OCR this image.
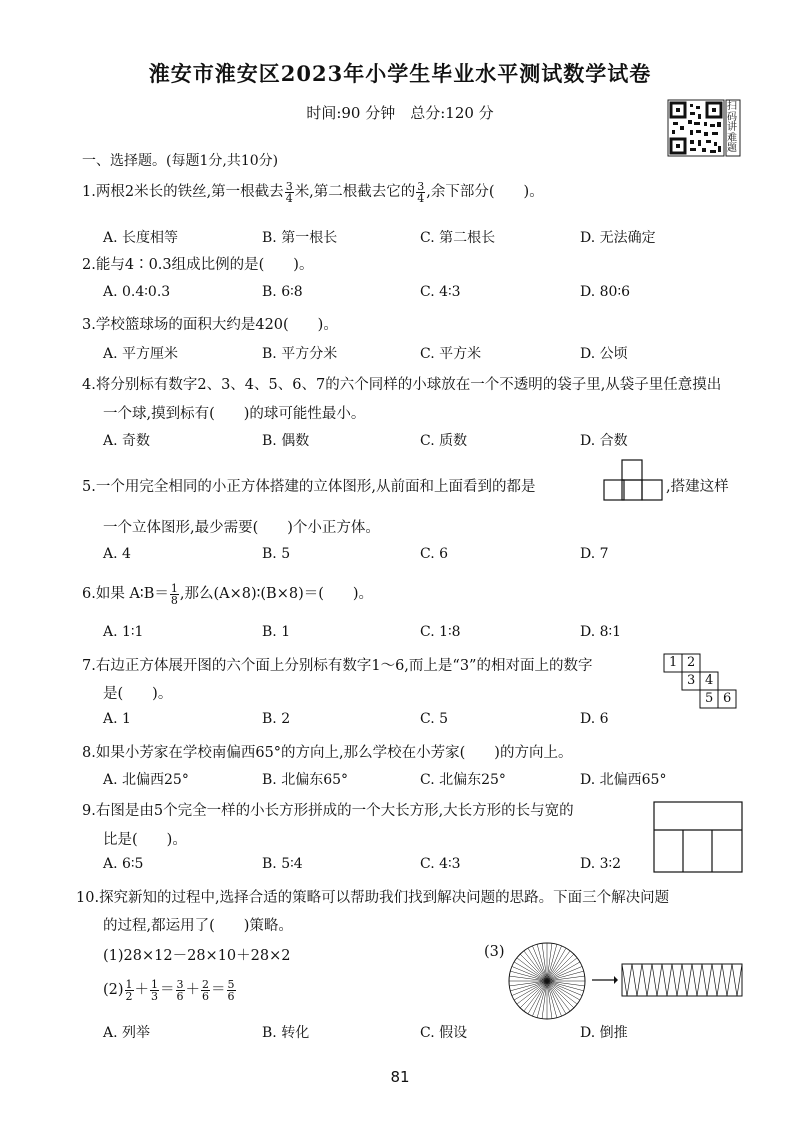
淮安市淮安区2023年小学生毕业水平测试数学试卷
时间:90 分钟　总分:120 分	扫码讲难题
一、选择题。(每题1分,共10分)
1.两根2米长的铁丝,第一根截去 $\frac{3}{4}$ 米,第二根截去它的 $\frac{3}{4}$ ,余下部分(　　)。
A. 长度相等	B. 第一根长	C. 第二根长	D. 无法确定
2.能与4∶0.3组成比例的是(　　)。
A. 0.4∶0.3	B. 6∶8	C. 4∶3	D. 80∶6
3.学校篮球场的面积大约是420(　　)。
A. 平方厘米	B. 平方分米	C. 平方米	D. 公顷
4.将分别标有数字2、3、4、5、6、7的六个同样的小球放在一个不透明的袋子里,从袋子里任意摸出
一个球,摸到标有(　　)的球可能性最小。
A. 奇数	B. 偶数	C. 质数	D. 合数
5.一个用完全相同的小正方体搭建的立体图形,从前面和上面看到的都是	,搭建这样
一个立体图形,最少需要(　　)个小正方体。
A. 4	B. 5	C. 6	D. 7
6.如果 A∶B＝ $\frac{1}{8}$ ,那么(A×8)∶(B×8)＝(　　)。
A. 1∶1	B. 1	C. 1∶8	D. 8∶1
7.右边正方体展开图的六个面上分别标有数字1～6,而上是“3”的相对面上的数字
是(　　)。
1 2
3 4
5 6
A. 1	B. 2	C. 5	D. 6
8.如果小芳家在学校南偏西65°的方向上,那么学校在小芳家(　　)的方向上。
A. 北偏西25°	B. 北偏东65°	C. 北偏东25°	D. 北偏西65°
9.右图是由5个完全一样的小长方形拼成的一个大长方形,大长方形的长与宽的
比是(　　)。
A. 6∶5	B. 5∶4	C. 4∶3	D. 3∶2
10.探究新知的过程中,选择合适的策略可以帮助我们找到解决问题的思路。下面三个解决问题
的过程,都运用了(　　)策略。
(1)28×12－28×10＋28×2
$(2) \frac{1}{2} + \frac{1}{3} = \frac{3}{6} + \frac{2}{6} = \frac{5}{6}$
(3)
A. 列举	B. 转化	C. 假设	D. 倒推
81
